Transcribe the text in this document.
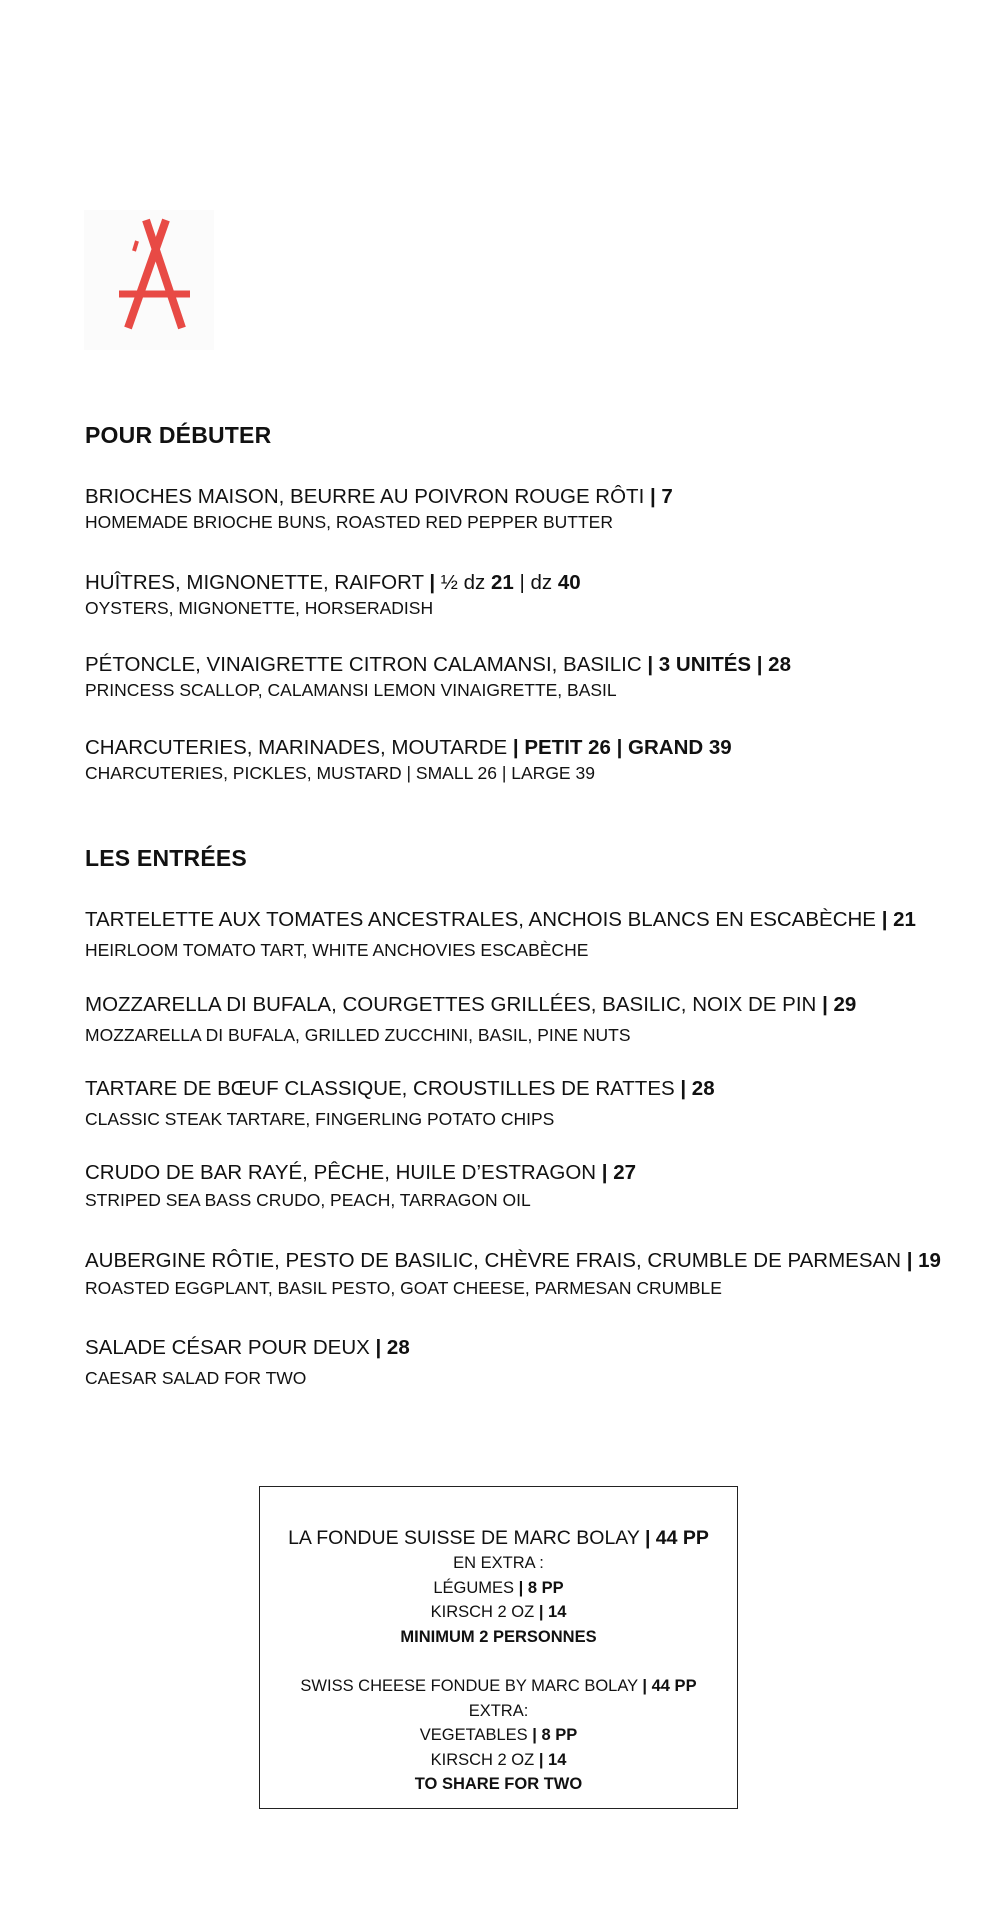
POUR DÉBUTER
BRIOCHES MAISON, BEURRE AU POIVRON ROUGE RÔTI | 7
HOMEMADE BRIOCHE BUNS, ROASTED RED PEPPER BUTTER
HUÎTRES, MIGNONETTE, RAIFORT | ½ dz 21 | dz 40
OYSTERS, MIGNONETTE, HORSERADISH
PÉTONCLE, VINAIGRETTE CITRON CALAMANSI, BASILIC | 3 UNITÉS | 28
PRINCESS SCALLOP, CALAMANSI LEMON VINAIGRETTE, BASIL
CHARCUTERIES, MARINADES, MOUTARDE | PETIT 26 | GRAND 39
CHARCUTERIES, PICKLES, MUSTARD | SMALL 26 | LARGE 39
LES ENTRÉES
TARTELETTE AUX TOMATES ANCESTRALES, ANCHOIS BLANCS EN ESCABÈCHE | 21
HEIRLOOM TOMATO TART, WHITE ANCHOVIES ESCABÈCHE
MOZZARELLA DI BUFALA, COURGETTES GRILLÉES, BASILIC, NOIX DE PIN | 29
MOZZARELLA DI BUFALA, GRILLED ZUCCHINI, BASIL, PINE NUTS
TARTARE DE BŒUF CLASSIQUE, CROUSTILLES DE RATTES | 28
CLASSIC STEAK TARTARE, FINGERLING POTATO CHIPS
CRUDO DE BAR RAYÉ, PÊCHE, HUILE D’ESTRAGON | 27
STRIPED SEA BASS CRUDO, PEACH, TARRAGON OIL
AUBERGINE RÔTIE, PESTO DE BASILIC, CHÈVRE FRAIS, CRUMBLE DE PARMESAN | 19
ROASTED EGGPLANT, BASIL PESTO, GOAT CHEESE, PARMESAN CRUMBLE
SALADE CÉSAR POUR DEUX | 28
CAESAR SALAD FOR TWO
LA FONDUE SUISSE DE MARC BOLAY | 44 PP
EN EXTRA :
LÉGUMES | 8 PP
KIRSCH 2 OZ | 14
MINIMUM 2 PERSONNES
SWISS CHEESE FONDUE BY MARC BOLAY | 44 PP
EXTRA:
VEGETABLES | 8 PP
KIRSCH 2 OZ | 14
TO SHARE FOR TWO
